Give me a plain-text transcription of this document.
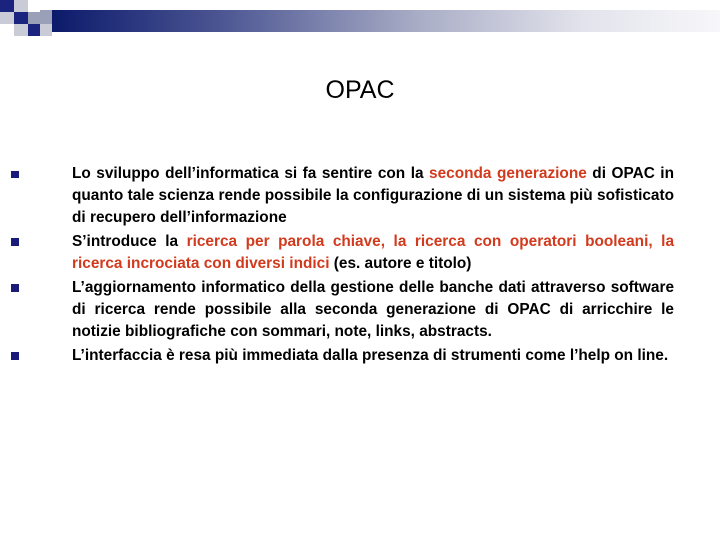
OPAC
Lo sviluppo dell’informatica si fa sentire con la seconda generazione di OPAC in quanto tale scienza rende possibile la configurazione di un sistema più sofisticato di recupero dell’informazione
S’introduce la ricerca per parola chiave, la ricerca con operatori booleani, la ricerca incrociata con diversi indici (es. autore e titolo)
L’aggiornamento informatico della gestione delle banche dati attraverso software di ricerca rende possibile alla seconda generazione di OPAC di arricchire le notizie bibliografiche con sommari, note, links, abstracts.
L’interfaccia è resa più immediata dalla presenza di strumenti come l’help on line.
